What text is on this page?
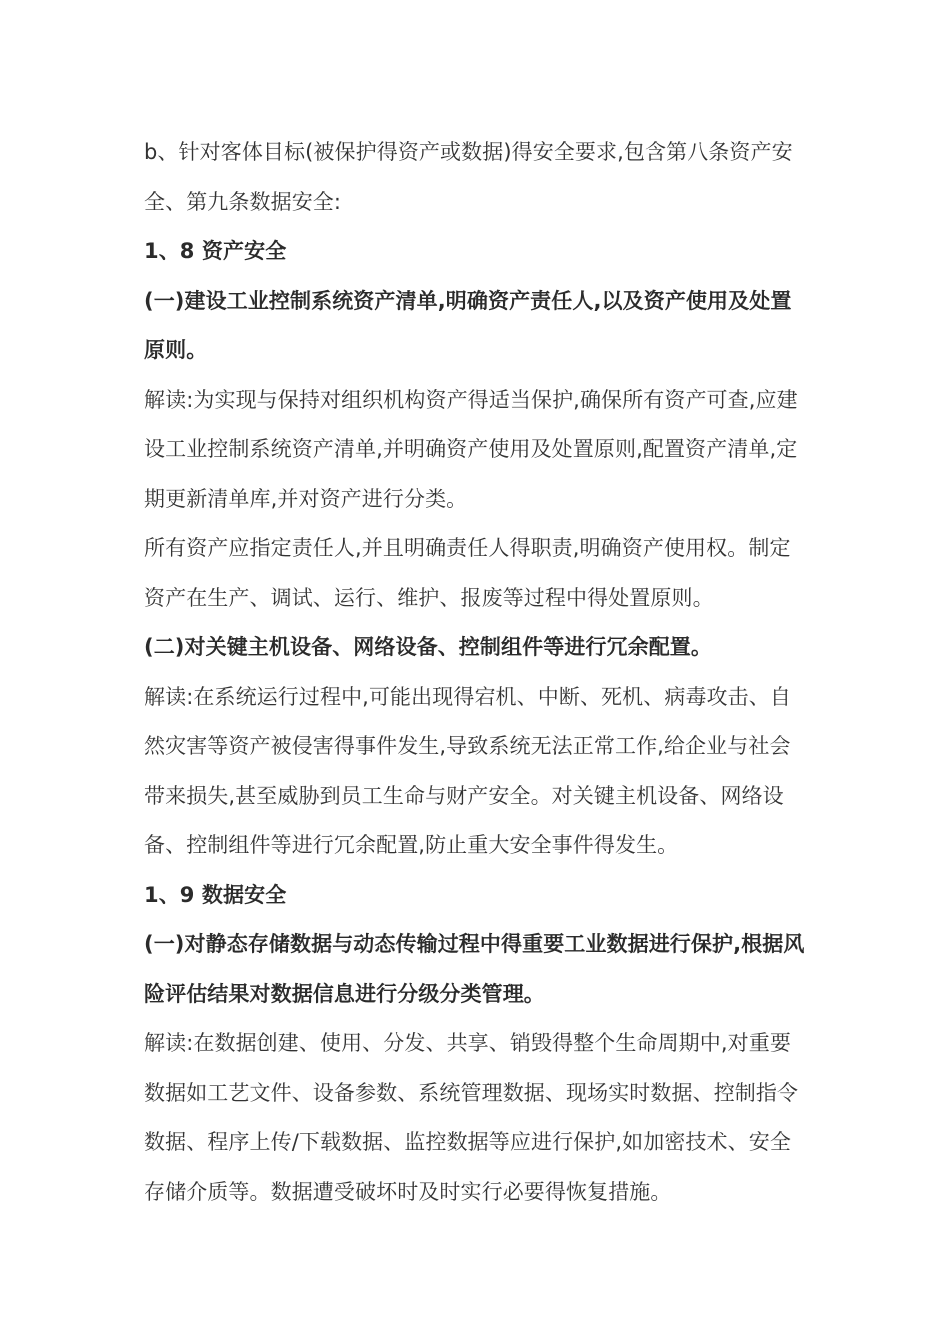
b、针对客体目标(被保护得资产或数据)得安全要求,包含第八条资产安全、第九条数据安全:

1、8 资产安全

(一)建设工业控制系统资产清单,明确资产责任人,以及资产使用及处置原则。

解读:为实现与保持对组织机构资产得适当保护,确保所有资产可查,应建设工业控制系统资产清单,并明确资产使用及处置原则,配置资产清单,定期更新清单库,并对资产进行分类。

所有资产应指定责任人,并且明确责任人得职责,明确资产使用权。制定资产在生产、调试、运行、维护、报废等过程中得处置原则。

(二)对关键主机设备、网络设备、控制组件等进行冗余配置。

解读:在系统运行过程中,可能出现得宕机、中断、死机、病毒攻击、自然灾害等资产被侵害得事件发生,导致系统无法正常工作,给企业与社会带来损失,甚至威胁到员工生命与财产安全。对关键主机设备、网络设备、控制组件等进行冗余配置,防止重大安全事件得发生。

1、9 数据安全

(一)对静态存储数据与动态传输过程中得重要工业数据进行保护,根据风险评估结果对数据信息进行分级分类管理。

解读:在数据创建、使用、分发、共享、销毁得整个生命周期中,对重要数据如工艺文件、设备参数、系统管理数据、现场实时数据、控制指令数据、程序上传/下载数据、监控数据等应进行保护,如加密技术、安全存储介质等。数据遭受破坏时及时实行必要得恢复措施。
